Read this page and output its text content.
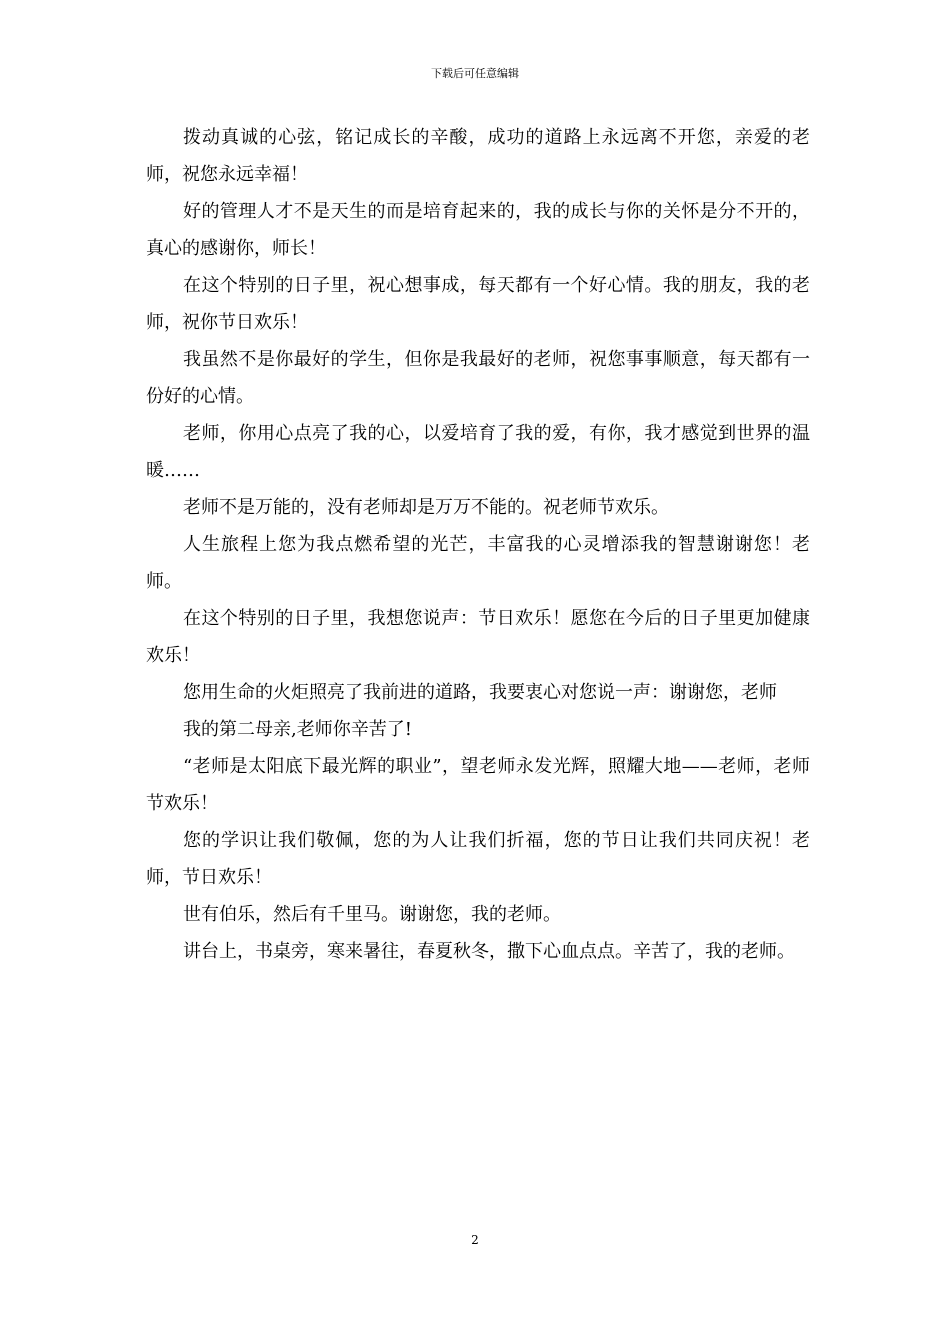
下载后可任意编辑

拨动真诚的心弦，铭记成长的辛酸，成功的道路上永远离不开您，亲爱的老师，祝您永远幸福！

好的管理人才不是天生的而是培育起来的，我的成长与你的关怀是分不开的，真心的感谢你，师长！

在这个特别的日子里，祝心想事成，每天都有一个好心情。我的朋友，我的老师，祝你节日欢乐！

我虽然不是你最好的学生，但你是我最好的老师，祝您事事顺意，每天都有一份好的心情。

老师，你用心点亮了我的心，以爱培育了我的爱，有你，我才感觉到世界的温暖……

老师不是万能的，没有老师却是万万不能的。祝老师节欢乐。

人生旅程上您为我点燃希望的光芒，丰富我的心灵增添我的智慧谢谢您！老师。

在这个特别的日子里，我想您说声：节日欢乐！愿您在今后的日子里更加健康欢乐！

您用生命的火炬照亮了我前进的道路，我要衷心对您说一声：谢谢您，老师

我的第二母亲,老师你辛苦了!

“老师是太阳底下最光辉的职业”，望老师永发光辉，照耀大地——老师，老师节欢乐！

您的学识让我们敬佩，您的为人让我们折福，您的节日让我们共同庆祝！老师，节日欢乐！

世有伯乐，然后有千里马。谢谢您，我的老师。

讲台上，书桌旁，寒来暑往，春夏秋冬，撒下心血点点。辛苦了，我的老师。

2
